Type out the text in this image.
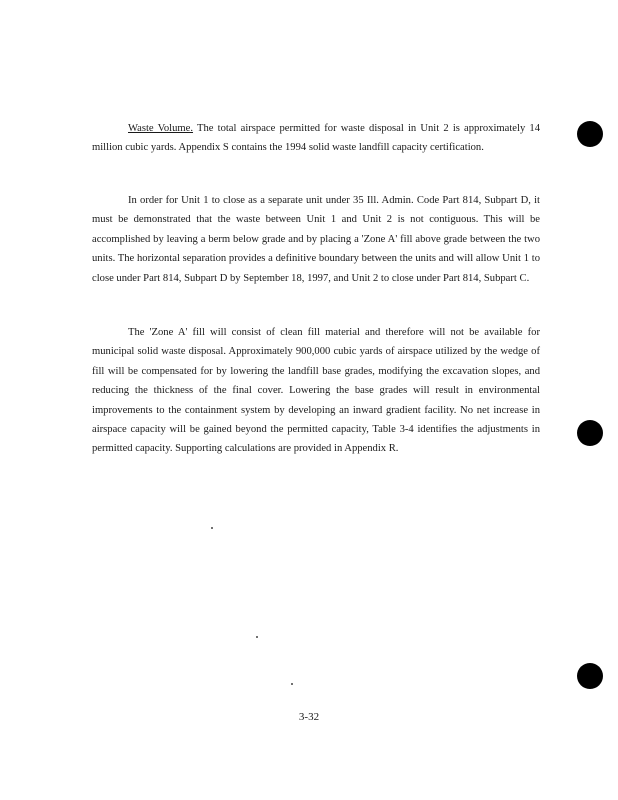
Waste Volume. The total airspace permitted for waste disposal in Unit 2 is approximately 14 million cubic yards. Appendix S contains the 1994 solid waste landfill capacity certification.

In order for Unit 1 to close as a separate unit under 35 Ill. Admin. Code Part 814, Subpart D, it must be demonstrated that the waste between Unit 1 and Unit 2 is not contiguous. This will be accomplished by leaving a berm below grade and by placing a 'Zone A' fill above grade between the two units. The horizontal separation provides a definitive boundary between the units and will allow Unit 1 to close under Part 814, Subpart D by September 18, 1997, and Unit 2 to close under Part 814, Subpart C.

The 'Zone A' fill will consist of clean fill material and therefore will not be available for municipal solid waste disposal. Approximately 900,000 cubic yards of airspace utilized by the wedge of fill will be compensated for by lowering the landfill base grades, modifying the excavation slopes, and reducing the thickness of the final cover. Lowering the base grades will result in environmental improvements to the containment system by developing an inward gradient facility. No net increase in airspace capacity will be gained beyond the permitted capacity, Table 3-4 identifies the adjustments in permitted capacity. Supporting calculations are provided in Appendix R.

3-32
